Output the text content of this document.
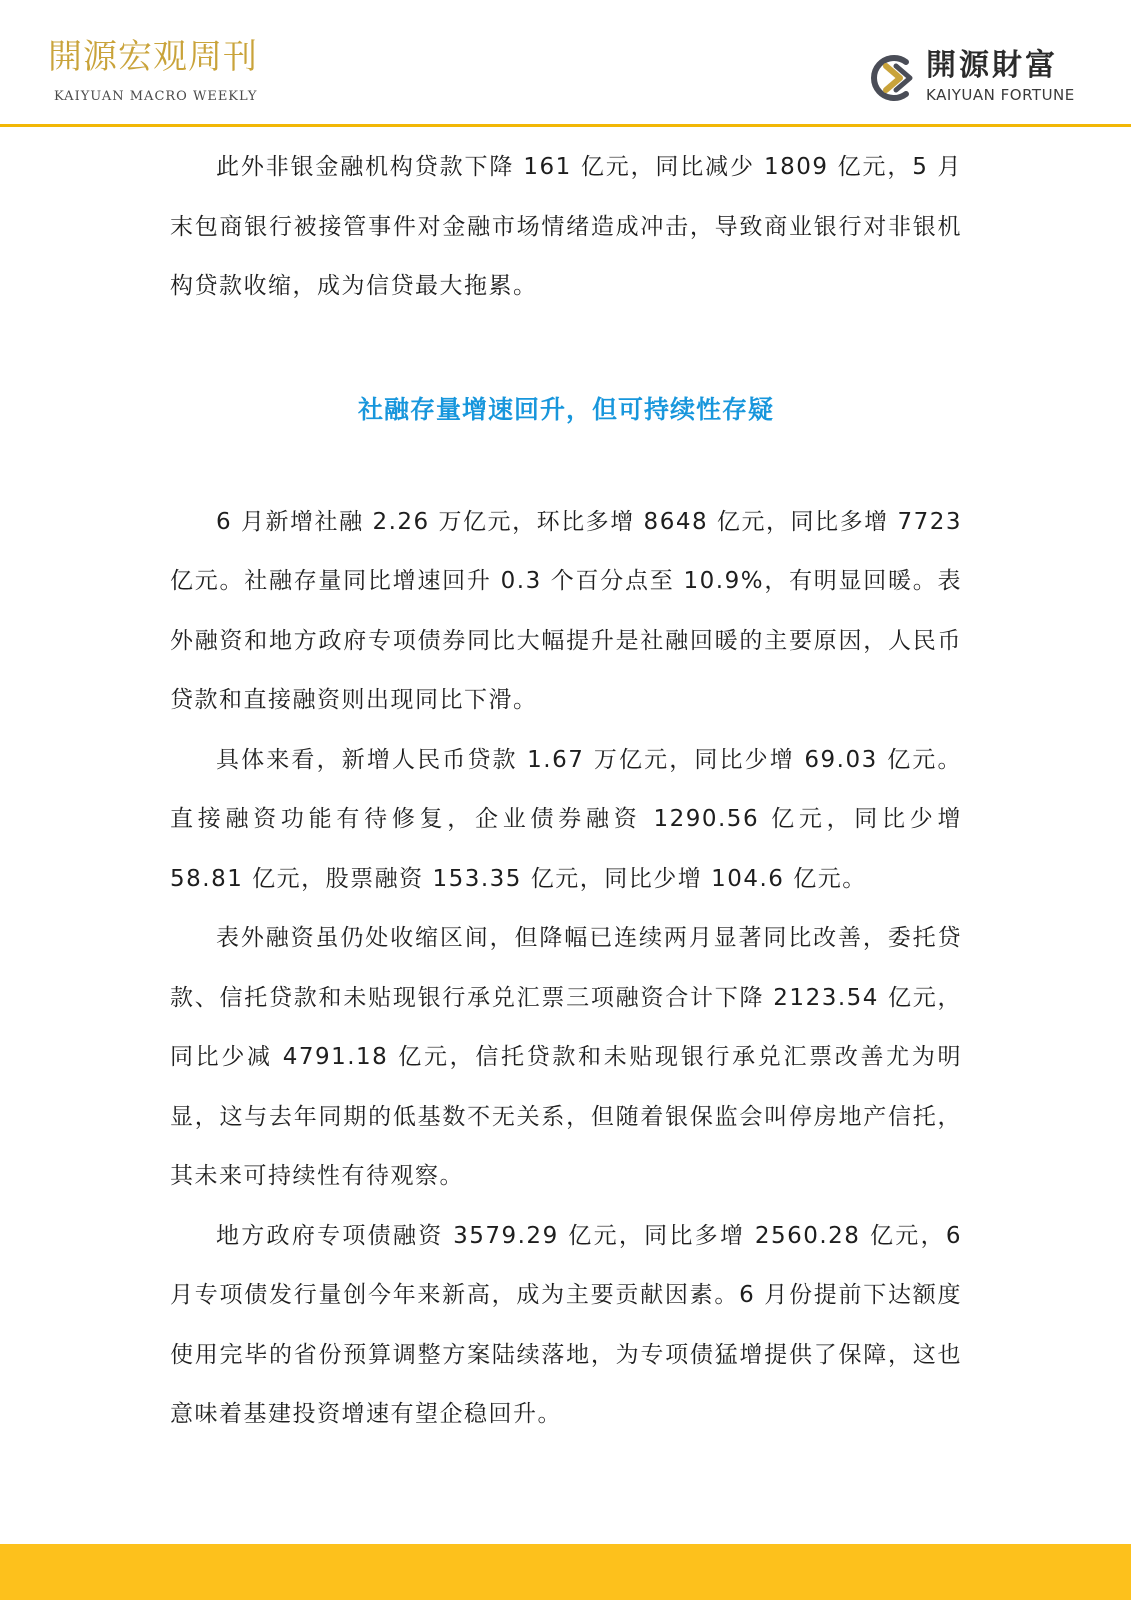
開源宏观周刊
KAIYUAN MACRO WEEKLY
開源財富
KAIYUAN FORTUNE

此外非银金融机构贷款下降 161 亿元，同比减少 1809 亿元，5 月末包商银行被接管事件对金融市场情绪造成冲击，导致商业银行对非银机构贷款收缩，成为信贷最大拖累。

社融存量增速回升，但可持续性存疑

6 月新增社融 2.26 万亿元，环比多增 8648 亿元，同比多增 7723 亿元。社融存量同比增速回升 0.3 个百分点至 10.9%，有明显回暖。表外融资和地方政府专项债券同比大幅提升是社融回暖的主要原因，人民币贷款和直接融资则出现同比下滑。

具体来看，新增人民币贷款 1.67 万亿元，同比少增 69.03 亿元。直接融资功能有待修复，企业债券融资 1290.56 亿元，同比少增 58.81 亿元，股票融资 153.35 亿元，同比少增 104.6 亿元。

表外融资虽仍处收缩区间，但降幅已连续两月显著同比改善，委托贷款、信托贷款和未贴现银行承兑汇票三项融资合计下降 2123.54 亿元，同比少减 4791.18 亿元，信托贷款和未贴现银行承兑汇票改善尤为明显，这与去年同期的低基数不无关系，但随着银保监会叫停房地产信托，其未来可持续性有待观察。

地方政府专项债融资 3579.29 亿元，同比多增 2560.28 亿元，6 月专项债发行量创今年来新高，成为主要贡献因素。6 月份提前下达额度使用完毕的省份预算调整方案陆续落地，为专项债猛增提供了保障，这也意味着基建投资增速有望企稳回升。
